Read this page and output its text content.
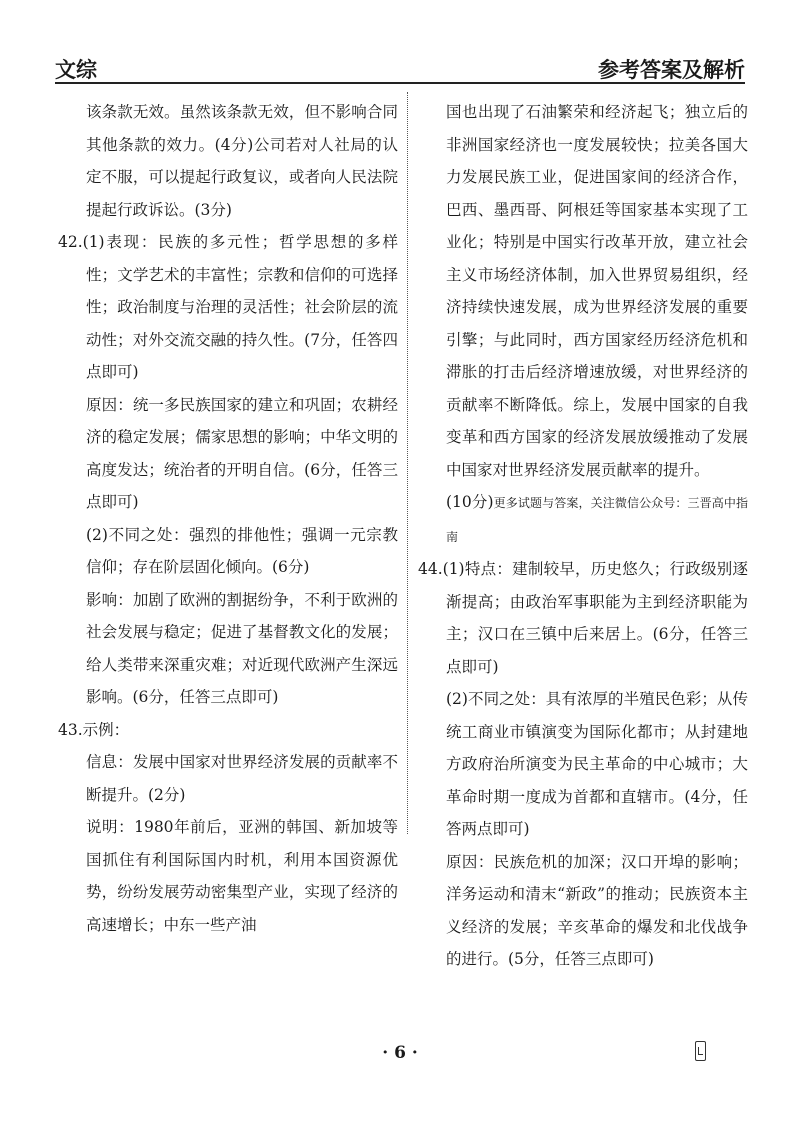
文综	参考答案及解析

该条款无效。虽然该条款无效，但不影响合同其他条款的效力。(4分)公司若对人社局的认定不服，可以提起行政复议，或者向人民法院提起行政诉讼。(3分)

42.(1)表现：民族的多元性；哲学思想的多样性；文学艺术的丰富性；宗教和信仰的可选择性；政治制度与治理的灵活性；社会阶层的流动性；对外交流交融的持久性。(7分，任答四点即可)

原因：统一多民族国家的建立和巩固；农耕经济的稳定发展；儒家思想的影响；中华文明的高度发达；统治者的开明自信。(6分，任答三点即可)

(2)不同之处：强烈的排他性；强调一元宗教信仰；存在阶层固化倾向。(6分)

影响：加剧了欧洲的割据纷争，不利于欧洲的社会发展与稳定；促进了基督教文化的发展；给人类带来深重灾难；对近现代欧洲产生深远影响。(6分，任答三点即可)

43.示例：

信息：发展中国家对世界经济发展的贡献率不断提升。(2分)

说明：1980年前后，亚洲的韩国、新加坡等国抓住有利国际国内时机，利用本国资源优势，纷纷发展劳动密集型产业，实现了经济的高速增长；中东一些产油

国也出现了石油繁荣和经济起飞；独立后的非洲国家经济也一度发展较快；拉美各国大力发展民族工业，促进国家间的经济合作，巴西、墨西哥、阿根廷等国家基本实现了工业化；特别是中国实行改革开放，建立社会主义市场经济体制，加入世界贸易组织，经济持续快速发展，成为世界经济发展的重要引擎；与此同时，西方国家经历经济危机和滞胀的打击后经济增速放缓，对世界经济的贡献率不断降低。综上，发展中国家的自我变革和西方国家的经济发展放缓推动了发展中国家对世界经济发展贡献率的提升。

(10分)更多试题与答案，关注微信公众号：三晋高中指南

44.(1)特点：建制较早，历史悠久；行政级别逐渐提高；由政治军事职能为主到经济职能为主；汉口在三镇中后来居上。(6分，任答三点即可)

(2)不同之处：具有浓厚的半殖民色彩；从传统工商业市镇演变为国际化都市；从封建地方政府治所演变为民主革命的中心城市；大革命时期一度成为首都和直辖市。(4分，任答两点即可)

原因：民族危机的加深；汉口开埠的影响；洋务运动和清末“新政”的推动；民族资本主义经济的发展；辛亥革命的爆发和北伐战争的进行。(5分，任答三点即可)

· 6 ·
